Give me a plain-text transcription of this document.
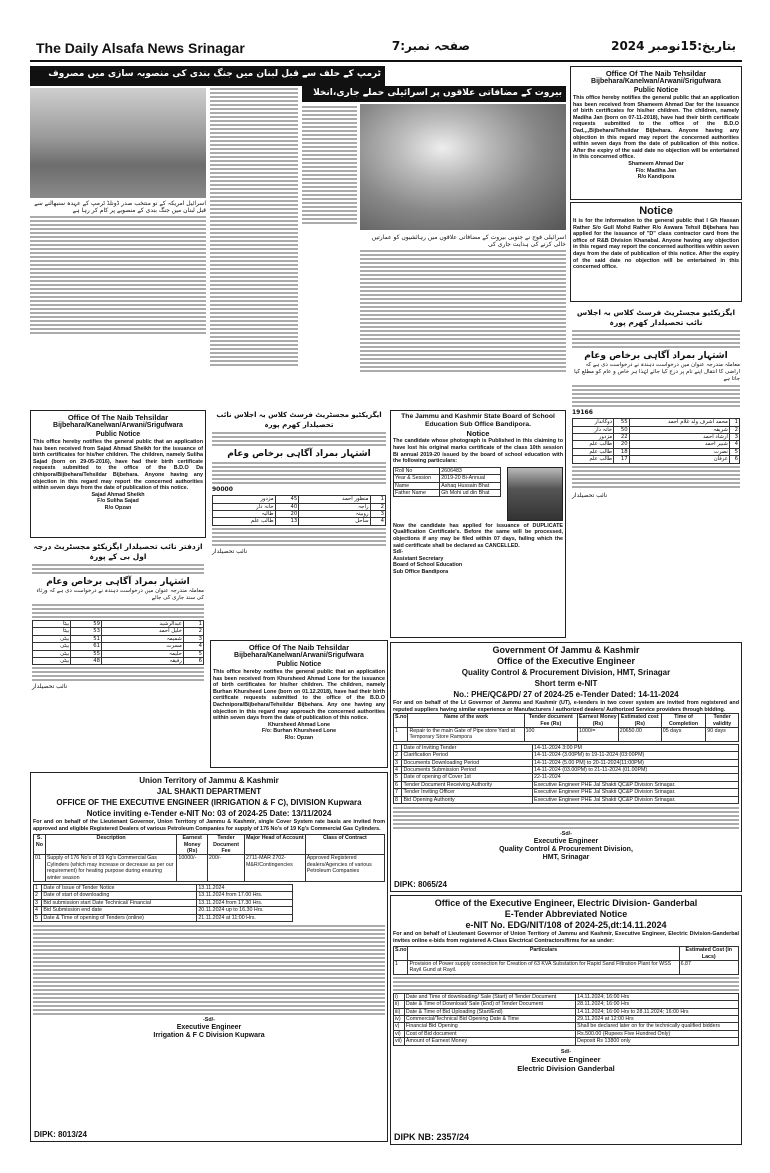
The Daily Alsafa News Srinagar	صفحہ نمبر:7	بتاریخ:15نومبر 2024
ٹرمپ کے حلف سے قبل لبنان میں جنگ بندی کی منصوبہ سازی میں مصروف
اسرائیل امریکہ کے نو منتخب صدر ڈونلڈ ٹرمپ کے عہدہ سنبھالنے سے قبل لبنان میں جنگ بندی کے منصوبے پر کام کر رہا ہے
بیروت کے مضافاتی علاقوں پر اسرائیلی حملے جاری،انخلا
اسرائیلی فوج نے جنوبی بیروت کے مضافاتی علاقوں میں رہائشیوں کو عمارتیں خالی کرنے کی ہدایت جاری کی
Office Of The Naib Tehsildar
Bijbehara/Kanelwan/Arwani/Srigufwara
Public Notice
This office hereby notifies the general public that an application has been received from Shameem Ahmad Dar for the issuance of birth certificates for his/her children. The children, namely Madiha Jan (born on 07-11-2018), have had their birth certificate requests submitted to the office of the B.D.O Dad,,,,Bijbehara/Tehsildar Bijbehara. Anyone having any objection in this regard may report the concerned authorities within seven days from the date of publication of this notice. After the expiry of the said date no objection will be entertained in this concerned office.
Shameem Ahmad Dar
F/o: Madiha Jan
R/o Kandipora
Notice
It is for the information to the general public that I Gh Hassan Rather S/o Gull Mohd Rather R/o Aswara Tehsil Bijbehara has applied for the issuance of "D" class contractor card from the office of R&B Division Khanabal. Anyone having any objection in this regard may report the concerned authorities within seven days from the date of publication of this notice. After the expiry of the said date no objection will be entertained in this concerned office.
ایگزیکٹیو مجسٹریٹ فرسٹ کلاس بہ اجلاس نائب تحصیلدار کھرم پورہ
اشتہار بمراد آگاہی برخاص وعام
معاملہ مندرجہ عنوان میں درخواست دہندہ نے درخواست دی ہے کہ اراضی کا انتقال اپنے نام پر درج کیا جائے لہٰذا ہر خاص و عام کو مطلع کیا جاتا ہے
19166
1	محمد اشرف ولد غلام احمد	55	دوکاندار
2	شریفہ	50	خانہ دار
3	ارشاد احمد	22	مزدور
4	شبیر احمد	20	طالب علم
5	نصرت	18	طالب علم
6	عرفان	17	طالب علم
نائب تحصیلدار
Office Of The Naib Tehsildar
Bijbehara/Kanelwan/Arwani/Srigufwara
Public Notice
This office hereby notifies the general public that an application has been received from Sajad Ahmad Sheikh for the issuance of birth certificates for his/her children. The children, namely Suliha Sajad (born on 29-05-2016), have had their birth certificate requests submitted to the office of the B.D.O Da chhipora/Bijbehara/Tehsildar Bijbehara. Anyone having any objection in this regard may report the concerned authorities within seven days from the date of publication of this notice.
Sajad Ahmad Sheikh
F/o Suliha Sajad
R/o Opzan
ازدفتر نائب تحصیلدار ایگزیکٹو مجسٹریٹ درجہ اول بی کے پورہ
اشتہار بمراد آگاہی برخاص وعام
معاملہ مندرجہ عنوان میں درخواست دہندہ نے درخواست دی ہے کہ ورثاء کی سند جاری کی جائے
1	عبدالرشید	59	بیٹا
2	خلیل احمد	53	بیٹا
3	شمیمہ	51	بیٹی
4	مسرت	61	بیٹی
5	حلیمہ	55	بیٹی
6	رفیقہ	48	بیٹی
نائب تحصیلدار
ایگزیکٹیو مجسٹریٹ فرسٹ کلاس بہ اجلاس نائب تحصیلدار کھرم پورہ
اشتہار بمراد آگاہی برخاص وعام
90000
1	منظور احمد	45	مزدور
2	راجہ	40	خانہ دار
3	روبینہ	20	طالبہ
4	ساحل	13	طالب علم
نائب تحصیلدار
The Jammu and Kashmir State Board of School Education Sub Office Bandipora.
Notice
The candidate whose photograph is Published in this claiming to have lost his original marks certificate of the class 10th session Bi annual 2019-20 issued by the board of school education with the following particulars:
Roll No	2606483
Year & Session	2019-20 Bi-Annual
Name	Ashaq Hussain Bhat
Father Name	Gh Mohi ud din Bhat
Now the candidate has applied for issuance of DUPLICATE Qualification Certificate's. Before the same will be processed, objections if any may be filed within 07 days, failing which the said certificate shall be declared as CANCELLED.
Sd/-
Assistant Secretary
Board of School Education
Sub Office Bandipora
Office Of The Naib Tehsildar
Bijbehara/Kanelwan/Arwani/Srigufwara
Public Notice
This office hereby notifies the general public that an application has been received from Khursheed Ahmad Lone for the issuance of birth certificates for his/her children. The children, namely Burhan Khursheed Lone (born on 01.12.2018), have had their birth certificate requests submitted to the office of the B.D.O Dachnipora/Bijbehara/Tehsildar Bijbehara. Any one having any objection in this regard may approach the concerned authorities within seven days from the date of publication of this notice.
Khursheed Ahmad Lone
F/o: Burhan Khursheed Lone
R/o: Opzan
Government Of Jammu & Kashmir
Office of the Executive Engineer
Quality Control & Procurement Division, HMT, Srinagar
Short term e-NIT
No.: PHE/QC&PD/ 27 of 2024-25 e-Tender Dated: 14-11-2024
For and on behalf of the Lt Governor of Jammu and Kashmir (UT), e-tenders in two cover system are invited from registered and reputed suppliers having similar experience or Manufacturers / authorized dealers/ Authorized Service providers through bidding.
S.no	Name of the work	Tender document Fee (Rs)	Earnest Money (Rs)	Estimated cost (Rs)	Time of Completion	Tender validity
1	Repair to the main Gate of Pipe store Yard at Temporary Store Rampora	100	1000/=	20650.00	05 days	90 days
1	Date of Inviting Tender	14-11-2024 3:00 PM
2	Clarification Period	14-11-2024 (3.00PM) to 19-11-2024 (03:00PM)
3	Documents Downloading Period	14-11-2024 (5.00 PM) to 20-11-2024(11:00PM)
4	Documents Submission Period	14-11-2024 (03.00PM) to 21-11-2024 (01.00PM)
5	Date of opening of Cover 1st	22-11-2024
6	Tender Document Receiving Authority	Executive Engineer PHE Jal Shakti QC&P Division Srinagar.
7	Tender Inviting Officer	Executive Engineer PHE Jal Shakti QC&P Division Srinagar.
8	Bid Opening Authority	Executive Engineer PHE Jal Shakti QC&P Division Srinagar.
-Sd/-
Executive Engineer
Quality Control & Procurement Division,
HMT, Srinagar
DIPK: 8065/24
Union Territory of Jammu & Kashmir
JAL SHAKTI DEPARTMENT
OFFICE OF THE EXECUTIVE ENGINEER (IRRIGATION & F C), DIVISION Kupwara
Notice inviting e-Tender e-NIT No: 03 of 2024-25 Date: 13/11/2024
For and on behalf of the Lieutenant Governor, Union Territory of Jammu & Kashmir, single Cover System rate basis are invited from approved and eligible Registered Dealers of various Petroleum Companies for supply of 176 No's of 19 Kg's Commercial Gas Cylinders.
S. No	Description	Earnest Money (Rs)	Tender Document Fee	Major Head of Account	Class of Contract
01	Supply of 176 No's of 19 Kg's Commercial Gas Cylinders (which may increase or decrease as per our requirement) for heating purpose during ensuring winter season	10000/-	200/-	2711-MAR 2702-M&R/Contingencies	Approved Registered dealers/Agencies of various Petroleum Companies
1	Date of Issue of Tender Notice	13.11.2024
2	Date of start of downloading	13.11.2024 from 17.00 Hrs.
3	Bid submission start Date Technical/ Financial	13.11.2024 from 17.30 Hrs.
4	Bid Submission end date	20.11.2024 up to 16.30 Hrs.
5	Date & Time of opening of Tenders (online)	21.11.2024 at 11:00 Hrs.
-Sd/-
Executive Engineer
Irrigation & F C Division Kupwara
DIPK: 8013/24
Office of the Executive Engineer, Electric Division- Ganderbal
E-Tender Abbreviated Notice
e-NIT No. EDG/NIT/108 of 2024-25,dt:14.11.2024
For and on behalf of Lieutenant Governor of Union Territory of Jammu and Kashmir, Executive Engineer, Electric Division-Ganderbal invites online e-bids from registered A-Class Electrical Contractors/firms for as under:
S.no	Particulars	Estimated Cost (in Lacs)
1	Provision of Power supply connection for Creation of 63 KVA Substation for Rapid Sand Filtration Plant for WSS Rayil Gund at Rayil.	6.87
i)	Date and Time of downloading/ Sale (Start) of Tender Document	14.11.2024; 16:00 Hrs
ii)	Date & Time of Download/ Sale (End) of Tender Document	28.11.2024; 16:00 Hrs
iii)	Date & Time of Bid Uploading (Start/End)	14.11.2024; 16:00 Hrs to 28.11.2024; 16:00 Hrs
iv)	Commercial/Technical Bid Opening Date & Time	29.11.2024 at 12:00 Hrs
v)	Financial Bid Opening	Shall be declared later on for the technically qualified bidders
vi)	Cost of Bid document	Rs.500.00 (Rupees Five Hundred Only)
vii)	Amount of Earnest Money	Deposit Rs 13800 only
Sd/-
Executive Engineer
Electric Division Ganderbal
DIPK NB: 2357/24
